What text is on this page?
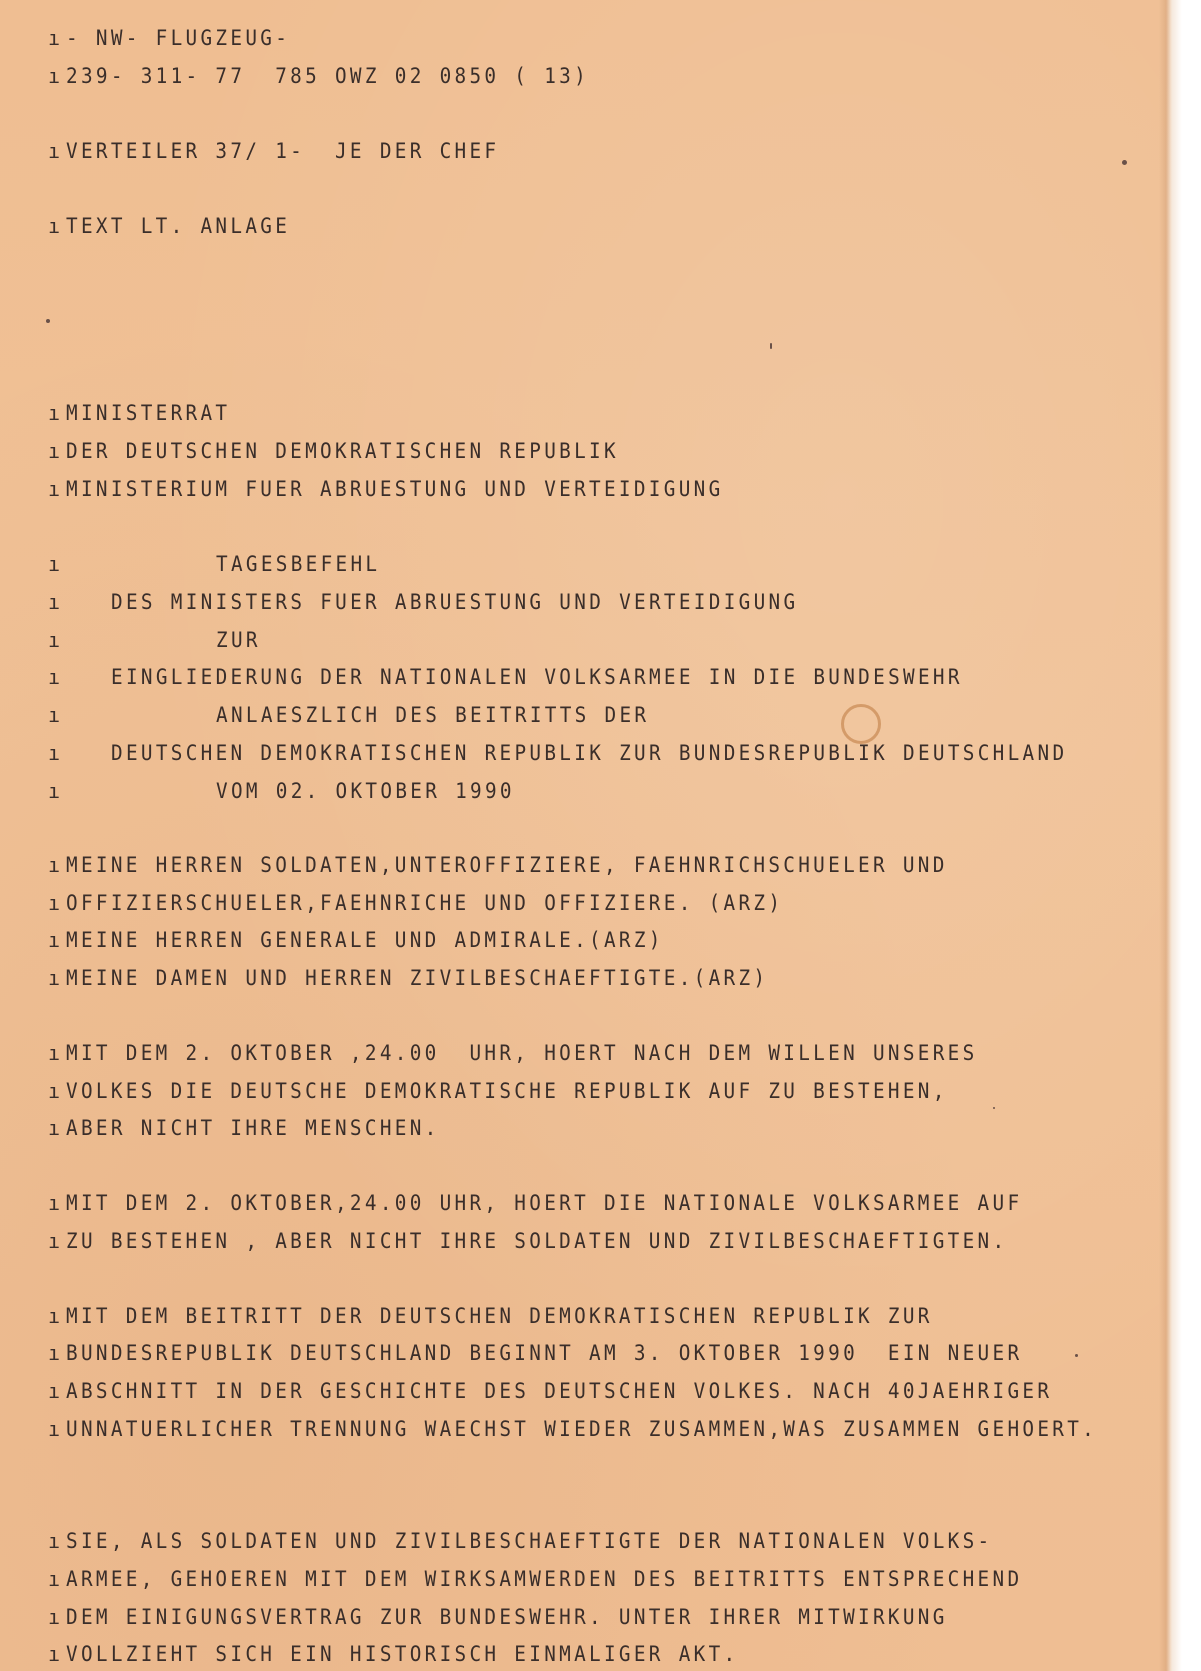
ı - NW- FLUGZEUG-
ı 239- 311- 77  785 OWZ 02 0850 ( 13)
ı VERTEILER 37/ 1-  JE DER CHEF
ı TEXT LT. ANLAGE
ı MINISTERRAT
ı DER DEUTSCHEN DEMOKRATISCHEN REPUBLIK
ı MINISTERIUM FUER ABRUESTUNG UND VERTEIDIGUNG
ı	TAGESBEFEHL
ı DES MINISTERS FUER ABRUESTUNG UND VERTEIDIGUNG
ı	ZUR
ı EINGLIEDERUNG DER NATIONALEN VOLKSARMEE IN DIE BUNDESWEHR
ı	ANLAESZLICH DES BEITRITTS DER
ı DEUTSCHEN DEMOKRATISCHEN REPUBLIK ZUR BUNDESREPUBLIK DEUTSCHLAND
ı	VOM 02. OKTOBER 1990
ı MEINE HERREN SOLDATEN,UNTEROFFIZIERE, FAEHNRICHSCHUELER UND
ı OFFIZIERSCHUELER,FAEHNRICHE UND OFFIZIERE. (ARZ)
ı MEINE HERREN GENERALE UND ADMIRALE.(ARZ)
ı MEINE DAMEN UND HERREN ZIVILBESCHAEFTIGTE.(ARZ)
ı MIT DEM 2. OKTOBER ,24.00  UHR, HOERT NACH DEM WILLEN UNSERES
ı VOLKES DIE DEUTSCHE DEMOKRATISCHE REPUBLIK AUF ZU BESTEHEN,
ı ABER NICHT IHRE MENSCHEN.
ı MIT DEM 2. OKTOBER,24.00 UHR, HOERT DIE NATIONALE VOLKSARMEE AUF
ı ZU BESTEHEN , ABER NICHT IHRE SOLDATEN UND ZIVILBESCHAEFTIGTEN.
ı MIT DEM BEITRITT DER DEUTSCHEN DEMOKRATISCHEN REPUBLIK ZUR
ı BUNDESREPUBLIK DEUTSCHLAND BEGINNT AM 3. OKTOBER 1990  EIN NEUER
ı ABSCHNITT IN DER GESCHICHTE DES DEUTSCHEN VOLKES. NACH 40JAEHRIGER
ı UNNATUERLICHER TRENNUNG WAECHST WIEDER ZUSAMMEN,WAS ZUSAMMEN GEHOERT.
ı SIE, ALS SOLDATEN UND ZIVILBESCHAEFTIGTE DER NATIONALEN VOLKS-
ı ARMEE, GEHOEREN MIT DEM WIRKSAMWERDEN DES BEITRITTS ENTSPRECHEND
ı DEM EINIGUNGSVERTRAG ZUR BUNDESWEHR. UNTER IHRER MITWIRKUNG
ı VOLLZIEHT SICH EIN HISTORISCH EINMALIGER AKT.
